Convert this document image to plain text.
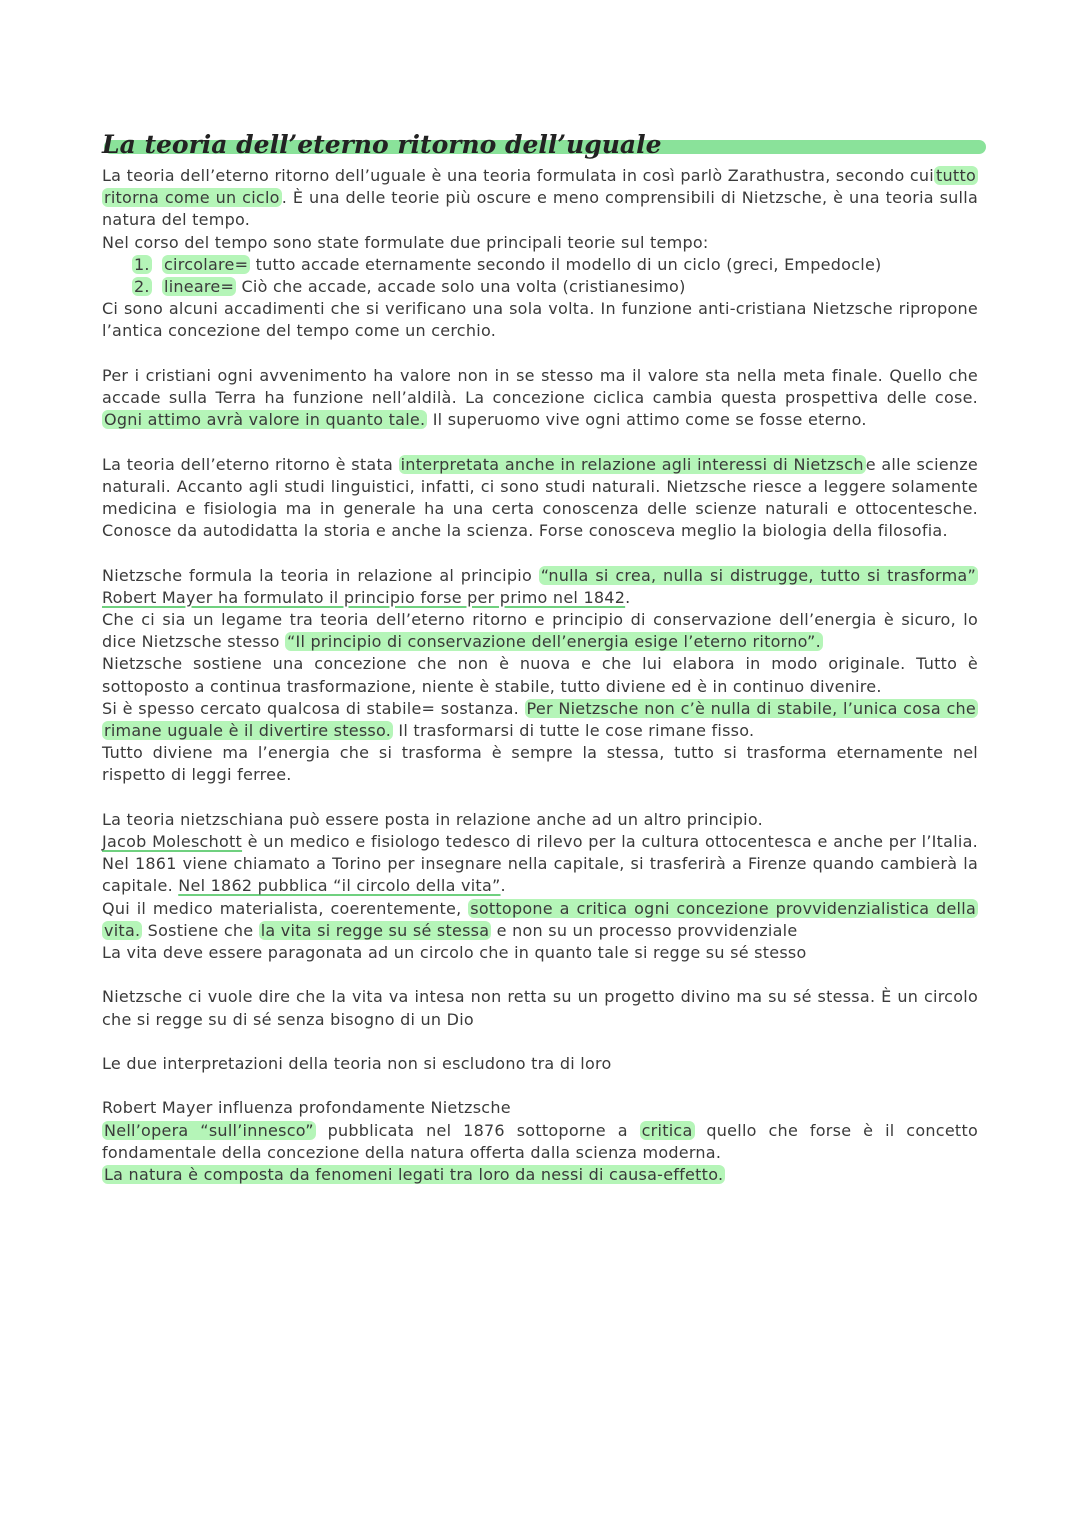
La teoria dell’eterno ritorno dell’uguale

La teoria dell’eterno ritorno dell’uguale è una teoria formulata in così parlò Zarathustra, secondo cui tutto ritorna come un ciclo . È una delle teorie più oscure e meno comprensibili di Nietzsche, è una teoria sulla natura del tempo.

Nel corso del tempo sono state formulate due principali teorie sul tempo:

1. circolare= tutto accade eternamente secondo il modello di un ciclo (greci, Empedocle)
2. lineare= Ciò che accade, accade solo una volta (cristianesimo)

Ci sono alcuni accadimenti che si verificano una sola volta. In funzione anti-cristiana Nietzsche ripropone l’antica concezione del tempo come un cerchio.

Per i cristiani ogni avvenimento ha valore non in se stesso ma il valore sta nella meta finale. Quello che accade sulla Terra ha funzione nell’aldilà. La concezione ciclica cambia questa prospettiva delle cose. Ogni attimo avrà valore in quanto tale. Il superuomo vive ogni attimo come se fosse eterno.

La teoria dell’eterno ritorno è stata interpretata anche in relazione agli interessi di Nietzsch e alle scienze naturali. Accanto agli studi linguistici, infatti, ci sono studi naturali. Nietzsche riesce a leggere solamente medicina e fisiologia ma in generale ha una certa conoscenza delle scienze naturali e ottocentesche. Conosce da autodidatta la storia e anche la scienza. Forse conosceva meglio la biologia della filosofia.

Nietzsche formula la teoria in relazione al principio “nulla si crea, nulla si distrugge, tutto si trasforma” Robert Mayer ha formulato il principio forse per primo nel 1842.

Che ci sia un legame tra teoria dell’eterno ritorno e principio di conservazione dell’energia è sicuro, lo dice Nietzsche stesso “Il principio di conservazione dell’energia esige l’eterno ritorno”.

Nietzsche sostiene una concezione che non è nuova e che lui elabora in modo originale. Tutto è sottoposto a continua trasformazione, niente è stabile, tutto diviene ed è in continuo divenire.

Si è spesso cercato qualcosa di stabile= sostanza. Per Nietzsche non c’è nulla di stabile, l’unica cosa che rimane uguale è il divertire stesso. Il trasformarsi di tutte le cose rimane fisso.

Tutto diviene ma l’energia che si trasforma è sempre la stessa, tutto si trasforma eternamente nel rispetto di leggi ferree.

La teoria nietzschiana può essere posta in relazione anche ad un altro principio.

Jacob Moleschott è un medico e fisiologo tedesco di rilevo per la cultura ottocentesca e anche per l’Italia. Nel 1861 viene chiamato a Torino per insegnare nella capitale, si trasferirà a Firenze quando cambierà la capitale. Nel 1862 pubblica “il circolo della vita”.

Qui il medico materialista, coerentemente, sottopone a critica ogni concezione provvidenzialistica della vita. Sostiene che la vita si regge su sé stessa e non su un processo provvidenziale

La vita deve essere paragonata ad un circolo che in quanto tale si regge su sé stesso

Nietzsche ci vuole dire che la vita va intesa non retta su un progetto divino ma su sé stessa. È un circolo che si regge su di sé senza bisogno di un Dio

Le due interpretazioni della teoria non si escludono tra di loro

Robert Mayer influenza profondamente Nietzsche

Nell’opera “sull’innesco” pubblicata nel 1876 sottoporne a critica quello che forse è il concetto fondamentale della concezione della natura offerta dalla scienza moderna.

La natura è composta da fenomeni legati tra loro da nessi di causa-effetto.
